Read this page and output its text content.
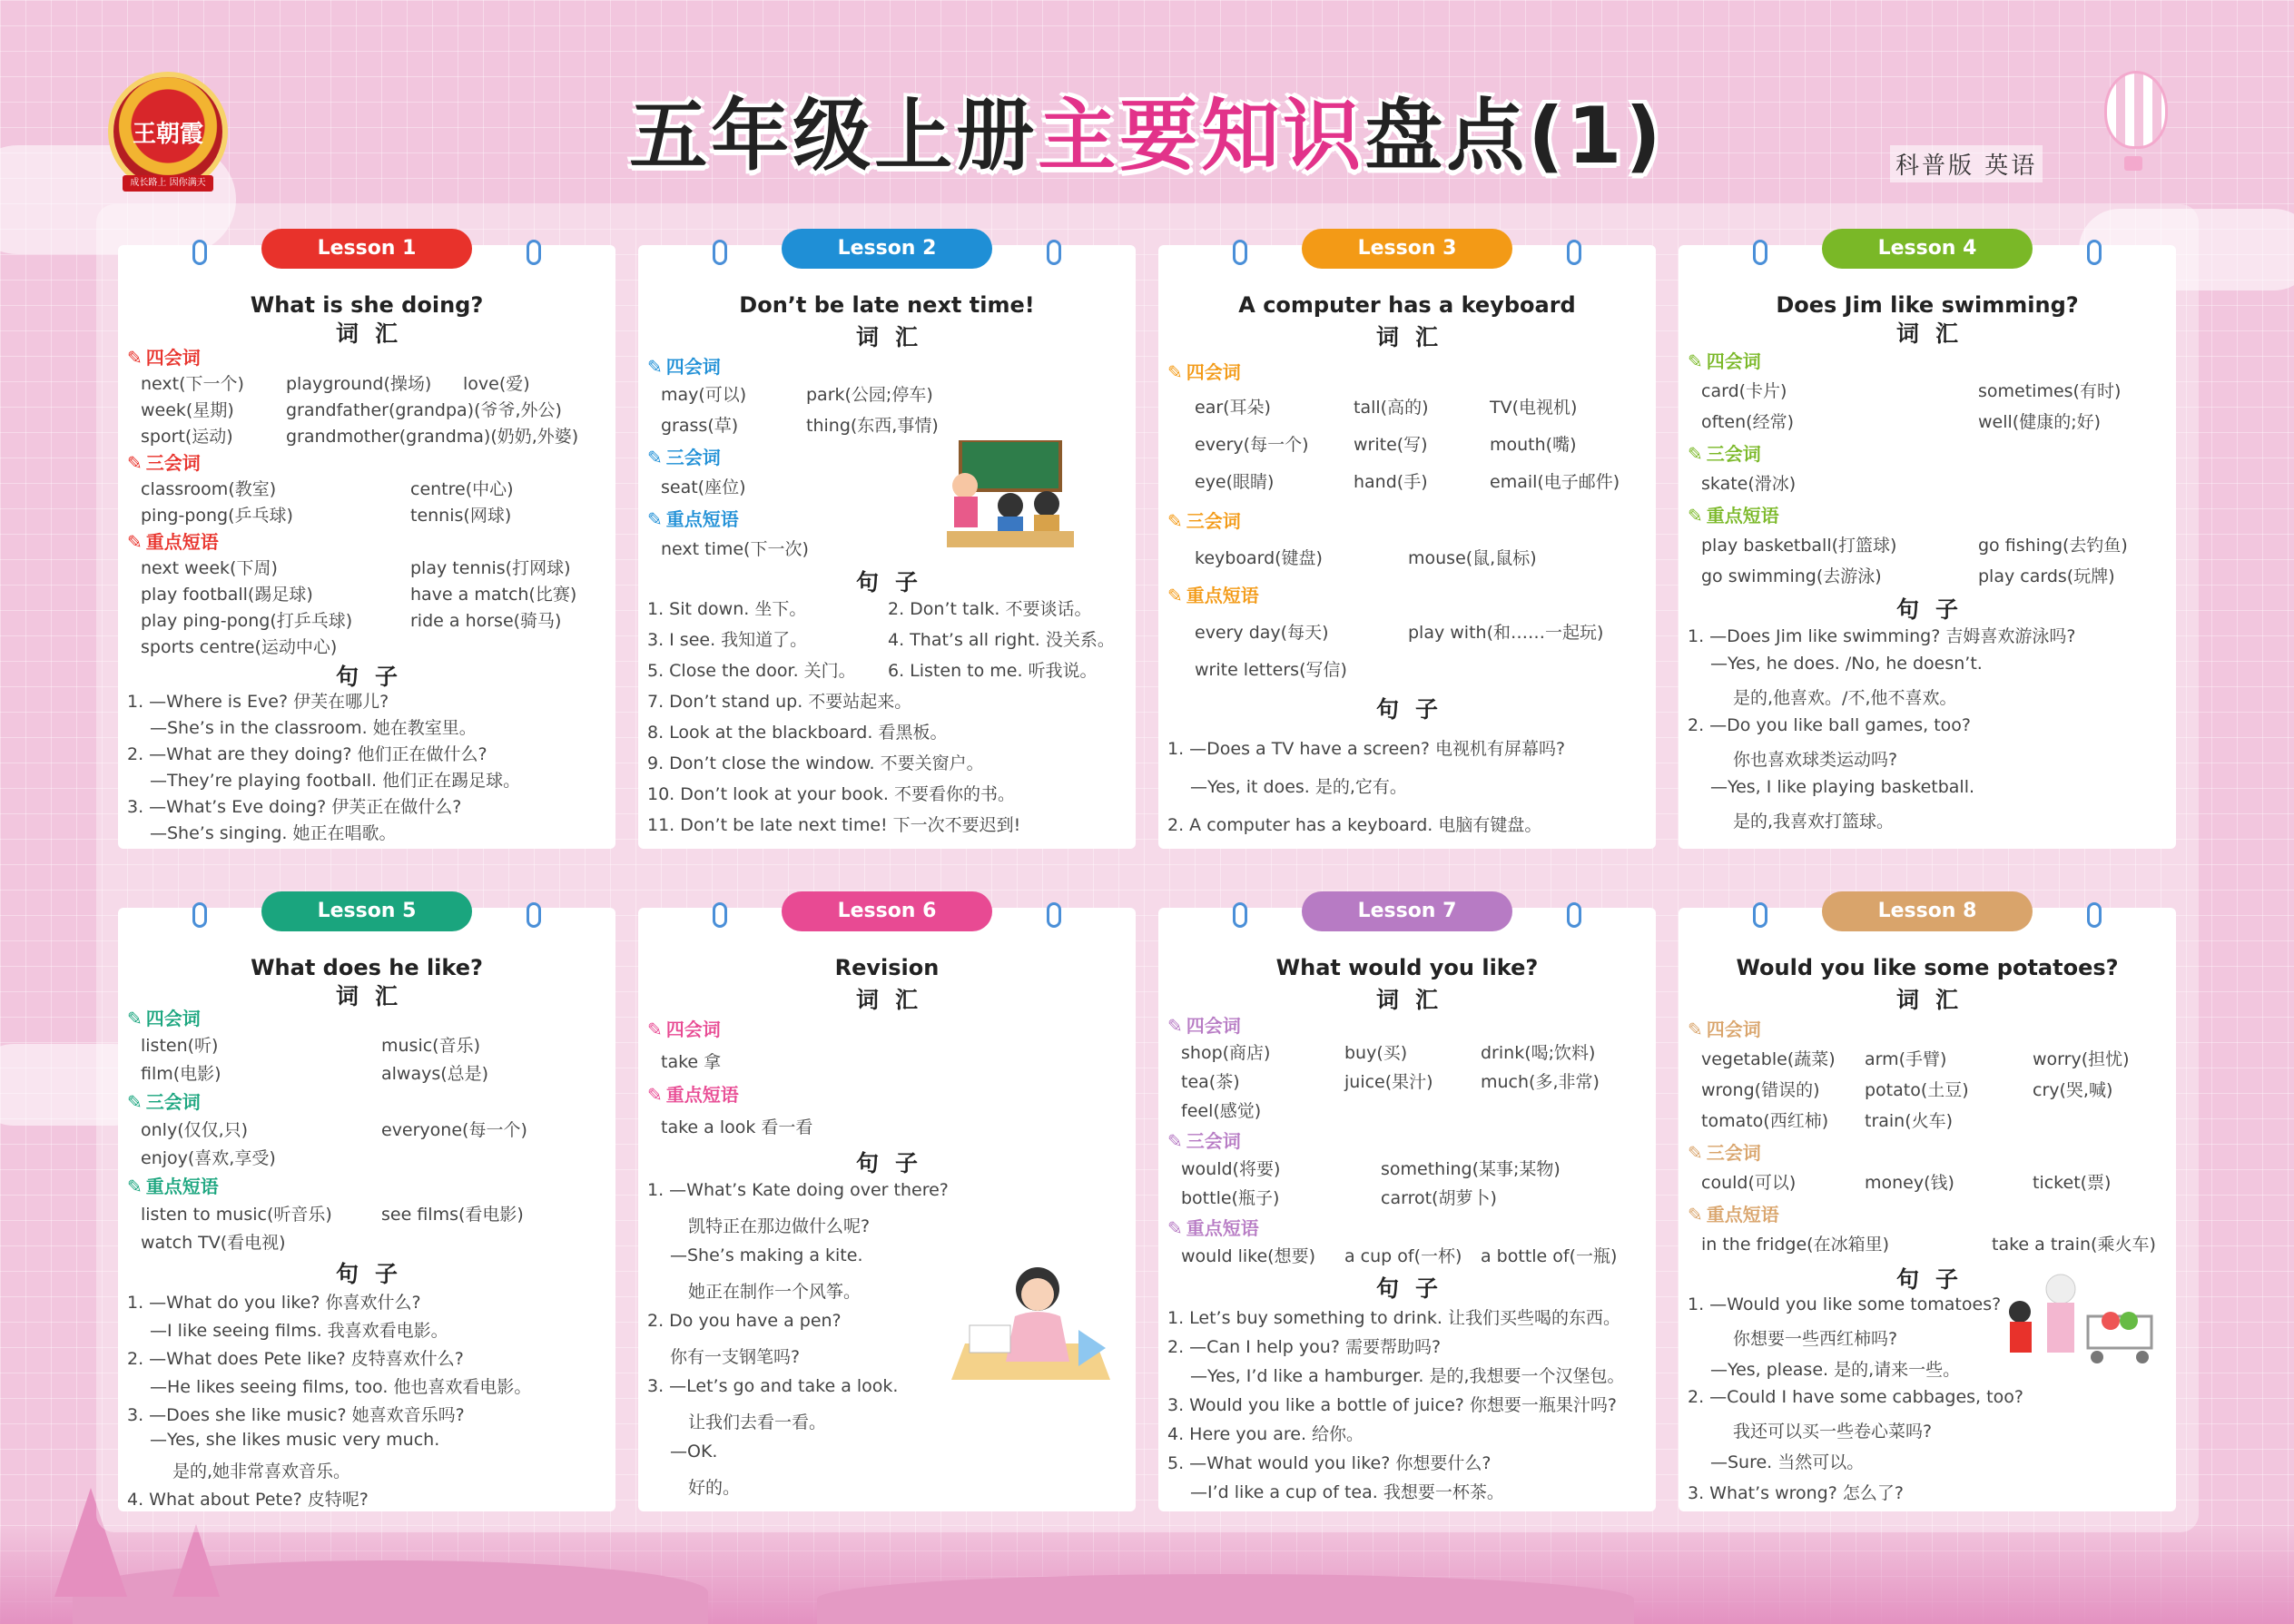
王朝霞
成长路上 因你满天
五年级上册主要知识盘点(1)	科普版 英语
Lesson 1
What is she doing?
词汇
✎ 四会词
next(下一个) playground(操场) love(爱)
week(星期)	grandfather(grandpa)(爷爷,外公)
sport(运动)	grandmother(grandma)(奶奶,外婆)
✎ 三会词
classroom(教室)	centre(中心)
ping-pong(乒乓球)	tennis(网球)
✎ 重点短语
next week(下周)	play tennis(打网球)
play football(踢足球)	have a match(比赛)
play ping-pong(打乒乓球)	ride a horse(骑马)
sports centre(运动中心)
句子
1. —Where is Eve? 伊芙在哪儿?
—She’s in the classroom. 她在教室里。
2. —What are they doing? 他们正在做什么?
—They’re playing football. 他们正在踢足球。
3. —What’s Eve doing? 伊芙正在做什么?
—She’s singing. 她正在唱歌。
Lesson 2
Don’t be late next time!
词汇
✎ 四会词
may(可以)	park(公园;停车)
grass(草)	thing(东西,事情)
✎ 三会词
seat(座位)
✎ 重点短语
next time(下一次)
句子
1. Sit down. 坐下。	2. Don’t talk. 不要谈话。
3. I see. 我知道了。	4. That’s all right. 没关系。
5. Close the door. 关门。 6. Listen to me. 听我说。
7. Don’t stand up. 不要站起来。
8. Look at the blackboard. 看黑板。
9. Don’t close the window. 不要关窗户。
10. Don’t look at your book. 不要看你的书。
11. Don’t be late next time! 下一次不要迟到!
Lesson 3
A computer has a keyboard
词汇
✎ 四会词
ear(耳朵)	tall(高的)	TV(电视机)
every(每一个)	write(写)	mouth(嘴)
eye(眼睛)	hand(手)	email(电子邮件)
✎ 三会词
keyboard(键盘)	mouse(鼠,鼠标)
✎ 重点短语
every day(每天)	play with(和……一起玩)
write letters(写信)
句子
1. —Does a TV have a screen? 电视机有屏幕吗?
—Yes, it does. 是的,它有。
2. A computer has a keyboard. 电脑有键盘。
Lesson 4
Does Jim like swimming?
词汇
✎ 四会词
card(卡片)	sometimes(有时)
often(经常)	well(健康的;好)
✎ 三会词
skate(滑冰)
✎ 重点短语
play basketball(打篮球)	go fishing(去钓鱼)
go swimming(去游泳)	play cards(玩牌)
句子
1. —Does Jim like swimming? 吉姆喜欢游泳吗?
—Yes, he does. /No, he doesn’t.
是的,他喜欢。/不,他不喜欢。
2. —Do you like ball games, too?
你也喜欢球类运动吗?
—Yes, I like playing basketball.
是的,我喜欢打篮球。
Lesson 5
What does he like?
词汇
✎ 四会词
listen(听)	music(音乐)
film(电影)	always(总是)
✎ 三会词
only(仅仅,只)	everyone(每一个)
enjoy(喜欢,享受)
✎ 重点短语
listen to music(听音乐)	see films(看电影)
watch TV(看电视)
句子
1. —What do you like? 你喜欢什么?
—I like seeing films. 我喜欢看电影。
2. —What does Pete like? 皮特喜欢什么?
—He likes seeing films, too. 他也喜欢看电影。
3. —Does she like music? 她喜欢音乐吗?
—Yes, she likes music very much.
是的,她非常喜欢音乐。
4. What about Pete? 皮特呢?
Lesson 6
Revision
词汇
✎ 四会词
take 拿
✎ 重点短语
take a look 看一看
句子
1. —What’s Kate doing over there?
凯特正在那边做什么呢?
—She’s making a kite.
她正在制作一个风筝。
2. Do you have a pen?
你有一支钢笔吗?
3. —Let’s go and take a look.
让我们去看一看。
—OK.
好的。
Lesson 7
What would you like?
词汇
✎ 四会词
shop(商店)	buy(买)	drink(喝;饮料)
tea(茶)	juice(果汁)	much(多,非常)
feel(感觉)
✎ 三会词
would(将要)	something(某事;某物)
bottle(瓶子)	carrot(胡萝卜)
✎ 重点短语
would like(想要) a cup of(一杯) a bottle of(一瓶)
句子
1. Let’s buy something to drink. 让我们买些喝的东西。
2. —Can I help you? 需要帮助吗?
—Yes, I’d like a hamburger. 是的,我想要一个汉堡包。
3. Would you like a bottle of juice? 你想要一瓶果汁吗?
4. Here you are. 给你。
5. —What would you like? 你想要什么?
—I’d like a cup of tea. 我想要一杯茶。
Lesson 8
Would you like some potatoes?
词汇
✎ 四会词
vegetable(蔬菜) arm(手臂)	worry(担忧)
wrong(错误的)	potato(土豆)	cry(哭,喊)
tomato(西红柿) train(火车)
✎ 三会词
could(可以)	money(钱)	ticket(票)
✎ 重点短语
in the fridge(在冰箱里)	take a train(乘火车)
句子
1. —Would you like some tomatoes?
你想要一些西红柿吗?
—Yes, please. 是的,请来一些。
2. —Could I have some cabbages, too?
我还可以买一些卷心菜吗?
—Sure. 当然可以。
3. What’s wrong? 怎么了?
